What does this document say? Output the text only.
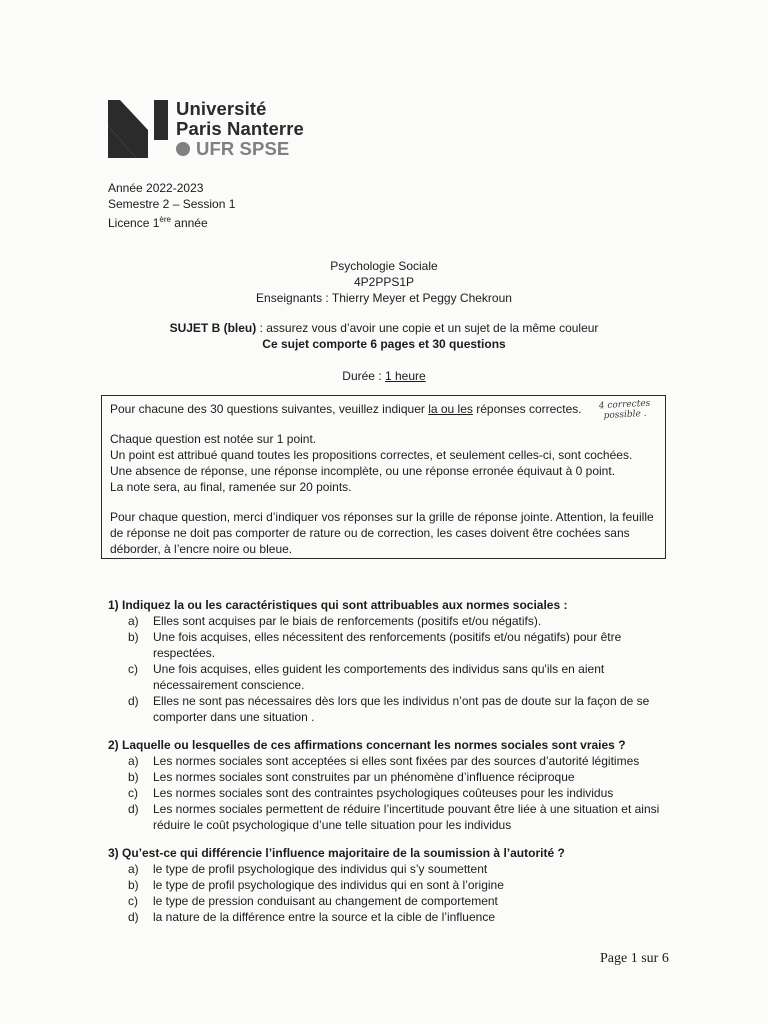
Université
Paris Nanterre
UFR SPSE
Année 2022-2023
Semestre 2 – Session 1
Licence 1ère année
Psychologie Sociale
4P2PPS1P
Enseignants : Thierry Meyer et Peggy Chekroun
SUJET B (bleu) : assurez vous d’avoir une copie et un sujet de la même couleur
Ce sujet comporte 6 pages et 30 questions
Durée : 1 heure

Pour chacune des 30 questions suivantes, veuillez indiquer la ou les réponses correctes.	4 correctes
possible .

Chaque question est notée sur 1 point.

Un point est attribué quand toutes les propositions correctes, et seulement celles-ci, sont cochées.

Une absence de réponse, une réponse incomplète, ou une réponse erronée équivaut à 0 point.

La note sera, au final, ramenée sur 20 points.

Pour chaque question, merci d’indiquer vos réponses sur la grille de réponse jointe. Attention, la feuille de réponse ne doit pas comporter de rature ou de correction, les cases doivent être cochées sans déborder, à l’encre noire ou bleue.

1) Indiquez la ou les caractéristiques qui sont attribuables aux normes sociales :
a)	Elles sont acquises par le biais de renforcements (positifs et/ou négatifs).
b)	Une fois acquises, elles nécessitent des renforcements (positifs et/ou négatifs) pour être respectées.
c)	Une fois acquises, elles guident les comportements des individus sans qu'ils en aient nécessairement conscience.
d)	Elles ne sont pas nécessaires dès lors que les individus n’ont pas de doute sur la façon de se comporter dans une situation .
2) Laquelle ou lesquelles de ces affirmations concernant les normes sociales sont vraies ?
a)	Les normes sociales sont acceptées si elles sont fixées par des sources d’autorité légitimes
b)	Les normes sociales sont construites par un phénomène d’influence réciproque
c)	Les normes sociales sont des contraintes psychologiques coûteuses pour les individus
d)	Les normes sociales permettent de réduire l’incertitude pouvant être liée à une situation et ainsi réduire le coût psychologique d’une telle situation pour les individus
3) Qu’est-ce qui différencie l’influence majoritaire de la soumission à l’autorité ?
a)	le type de profil psychologique des individus qui s’y soumettent
b)	le type de profil psychologique des individus qui en sont à l’origine
c)	le type de pression conduisant au changement de comportement
d)	la nature de la différence entre la source et la cible de l’influence
Page 1 sur 6
